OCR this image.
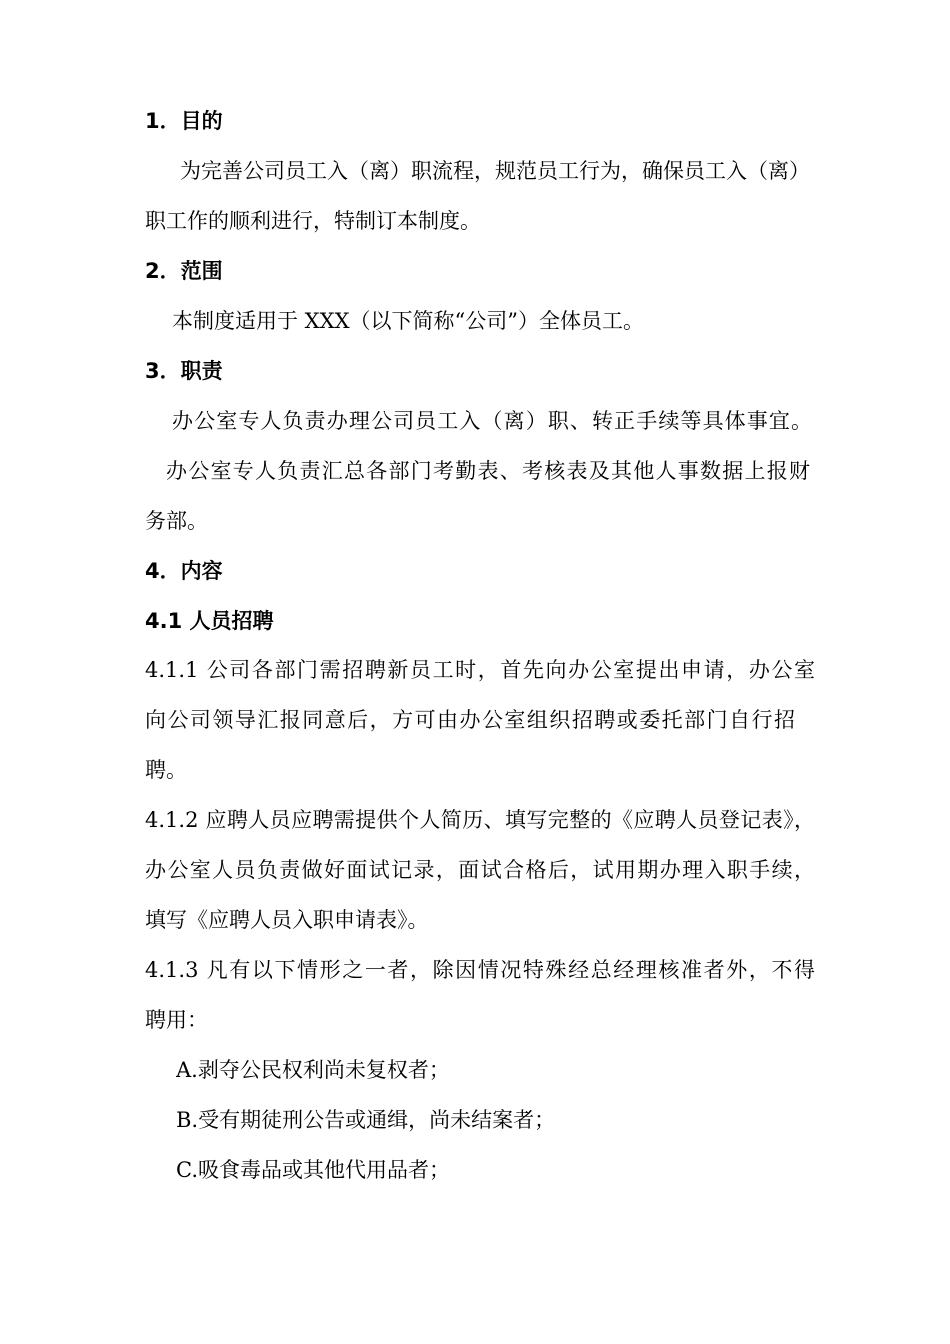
1．目的
为完善公司员工入（离）职流程，规范员工行为，确保员工入（离）
职工作的顺利进行，特制订本制度。
2．范围
本制度适用于 XXX（以下简称“公司”）全体员工。
3．职责
办公室专人负责办理公司员工入（离）职、转正手续等具体事宜。
办公室专人负责汇总各部门考勤表、考核表及其他人事数据上报财
务部。
4．内容
4.1 人员招聘
4.1.1 公司各部门需招聘新员工时，首先向办公室提出申请，办公室
向公司领导汇报同意后，方可由办公室组织招聘或委托部门自行招
聘。
4.1.2 应聘人员应聘需提供个人简历、填写完整的《应聘人员登记表》，
办公室人员负责做好面试记录，面试合格后，试用期办理入职手续，
填写《应聘人员入职申请表》。
4.1.3 凡有以下情形之一者，除因情况特殊经总经理核准者外，不得
聘用：
A.剥夺公民权利尚未复权者；
B.受有期徒刑公告或通缉，尚未结案者；
C.吸食毒品或其他代用品者；
